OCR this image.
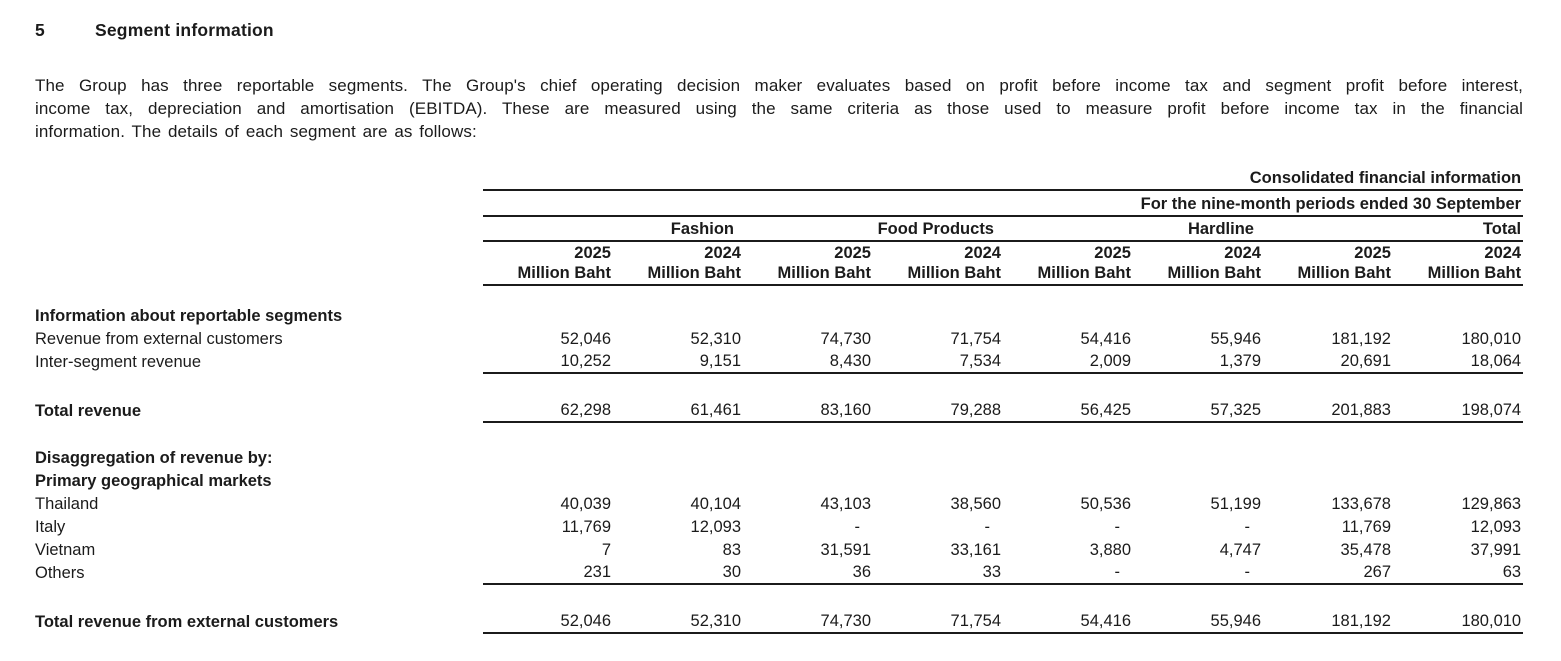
5	Segment information
The Group has three reportable segments. The Group's chief operating decision maker evaluates based on profit before income tax and segment profit before interest,
income tax, depreciation and amortisation (EBITDA). These are measured using the same criteria as those used to measure profit before income tax in the financial
information. The details of each segment are as follows:
	Consolidated financial information							
	For the nine-month periods ended 30 September							
	Fashion		Food Products		Hardline		Total	
	2025	2024	2025	2024	2025	2024	2025	2024
	Million Baht	Million Baht	Million Baht	Million Baht	Million Baht	Million Baht	Million Baht	Million Baht
Information about reportable segments								
Revenue from external customers	52,046	52,310	74,730	71,754	54,416	55,946	181,192	180,010
Inter-segment revenue	10,252	9,151	8,430	7,534	2,009	1,379	20,691	18,064

Total revenue	62,298	61,461	83,160	79,288	56,425	57,325	201,883	198,074

Disaggregation of revenue by:								
Primary geographical markets								
Thailand	40,039	40,104	43,103	38,560	50,536	51,199	133,678	129,863
Italy	11,769	12,093	-	-	-	-	11,769	12,093
Vietnam	7	83	31,591	33,161	3,880	4,747	35,478	37,991
Others	231	30	36	33	-	-	267	63

Total revenue from external customers	52,046	52,310	74,730	71,754	54,416	55,946	181,192	180,010
